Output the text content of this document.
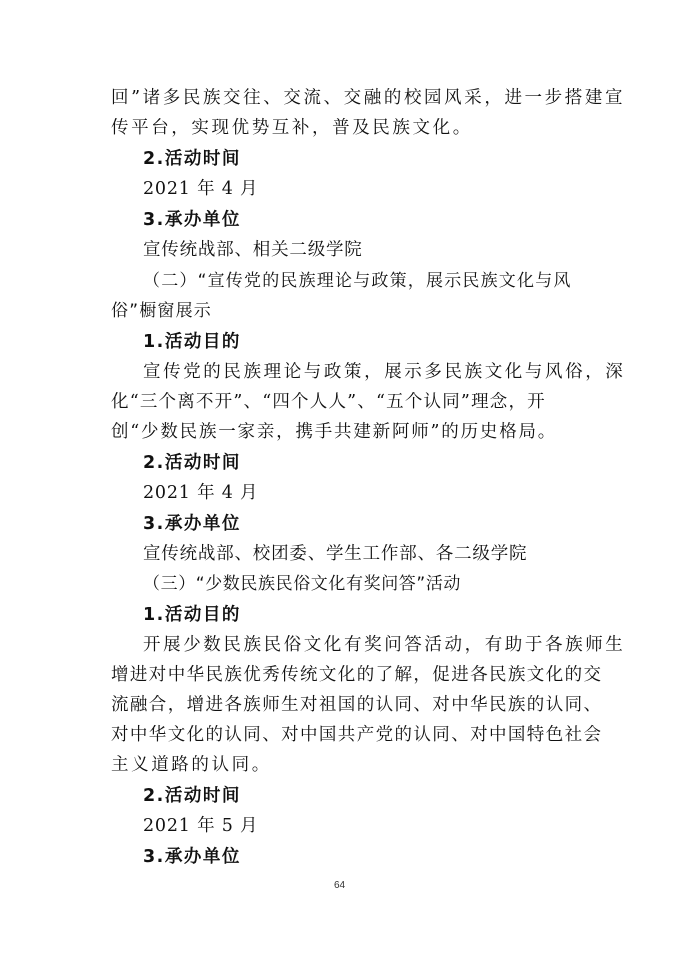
回”诸多民族交往、交流、交融的校园风采，进一步搭建宣
传平台，实现优势互补，普及民族文化。
2.活动时间
2021 年 4 月
3.承办单位
宣传统战部、相关二级学院
（二）“宣传党的民族理论与政策，展示民族文化与风
俗”橱窗展示
1.活动目的
宣传党的民族理论与政策，展示多民族文化与风俗，深
化“三个离不开”、“四个人人”、“五个认同”理念，开
创“少数民族一家亲，携手共建新阿师”的历史格局。
2.活动时间
2021 年 4 月
3.承办单位
宣传统战部、校团委、学生工作部、各二级学院
（三）“少数民族民俗文化有奖问答”活动
1.活动目的
开展少数民族民俗文化有奖问答活动，有助于各族师生
增进对中华民族优秀传统文化的了解，促进各民族文化的交
流融合，增进各族师生对祖国的认同、对中华民族的认同、
对中华文化的认同、对中国共产党的认同、对中国特色社会
主义道路的认同。
2.活动时间
2021 年 5 月
3.承办单位
64
